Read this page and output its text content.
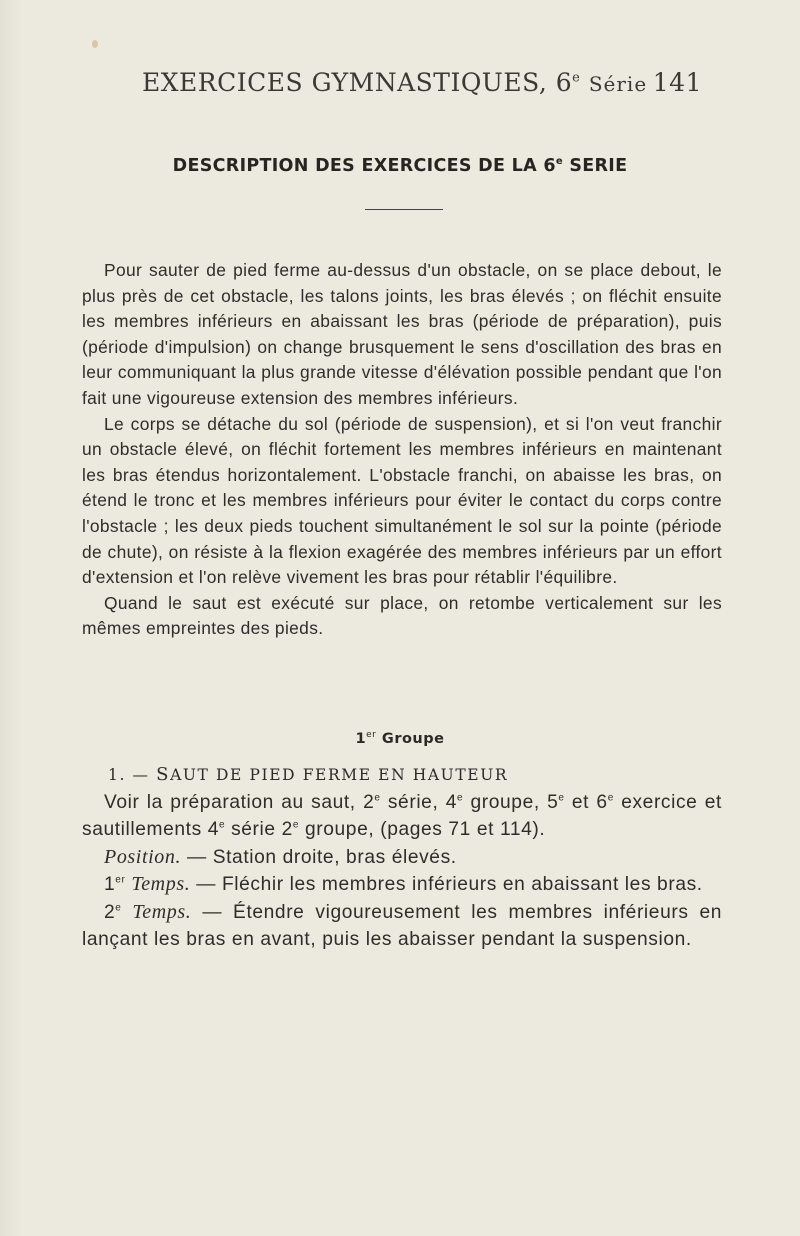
EXERCICES GYMNASTIQUES, 6e Série 141
DESCRIPTION DES EXERCICES DE LA 6e SERIE

Pour sauter de pied ferme au-dessus d'un obstacle, on se place debout, le plus près de cet obstacle, les talons joints, les bras élevés ; on fléchit ensuite les membres inférieurs en abaissant les bras (période de préparation), puis (période d'impulsion) on change brusquement le sens d'oscillation des bras en leur communiquant la plus grande vitesse d'élévation possible pendant que l'on fait une vigoureuse extension des membres inférieurs.

Le corps se détache du sol (période de suspension), et si l'on veut franchir un obstacle élevé, on fléchit fortement les membres inférieurs en maintenant les bras étendus horizontalement. L'obstacle franchi, on abaisse les bras, on étend le tronc et les membres inférieurs pour éviter le contact du corps contre l'obstacle ; les deux pieds touchent simultanément le sol sur la pointe (période de chute), on résiste à la flexion exagérée des membres inférieurs par un effort d'extension et l'on relève vivement les bras pour rétablir l'équilibre.

Quand le saut est exécuté sur place, on retombe verticalement sur les mêmes empreintes des pieds.

1er Groupe
1. — SAUT DE PIED FERME EN HAUTEUR

Voir la préparation au saut, 2e série, 4e groupe, 5e et 6e exercice et sautillements 4e série 2e groupe, (pages 71 et 114).

Position. — Station droite, bras élevés.

1er Temps. — Fléchir les membres inférieurs en abaissant les bras.

2e Temps. — Étendre vigoureusement les membres inférieurs en lançant les bras en avant, puis les abaisser pendant la suspension.
